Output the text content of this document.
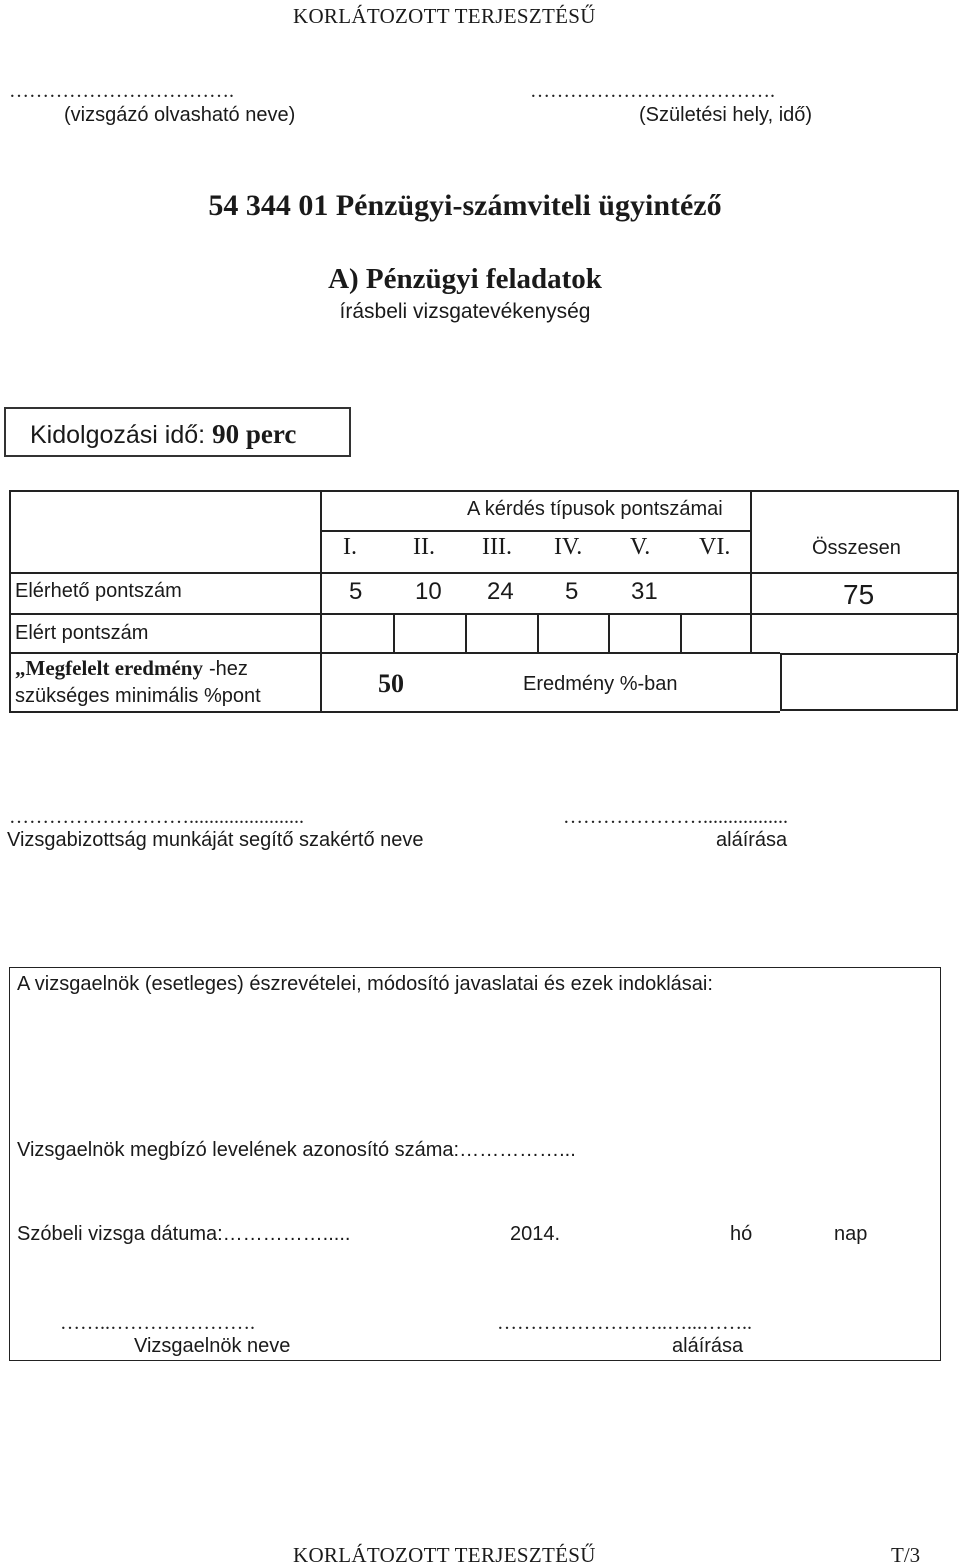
KORLÁTOZOTT TERJESZTÉSŰ
…………………………….
(vizsgázó olvasható neve)
……………………………….
(Születési hely, idő)
54 344 01 Pénzügyi-számviteli ügyintéző
A) Pénzügyi feladatok
írásbeli vizsgatevékenység
Kidolgozási idő: 90 perc
A kérdés típusok pontszámai
I. II. III. IV. V. VI.	Összesen
Elérhető pontszám	5 10 24 5 31	75
Elért pontszám
„Megfelelt eredmény -hez
szükséges minimális %pont	50	Eredmény %-ban
……………………….......................
Vizsgabizottság munkáját segítő szakértő neve
………………….................
aláírása
A vizsgaelnök (esetleges) észrevételei, módosító javaslatai és ezek indoklásai:
Vizsgaelnök megbízó levelének azonosító száma:……………...
Szóbeli vizsga dátuma:…………….....	2014.	hó	nap
……..………………….
Vizsgaelnök neve
……………………..…...……..
aláírása
KORLÁTOZOTT TERJESZTÉSŰ	T/3
